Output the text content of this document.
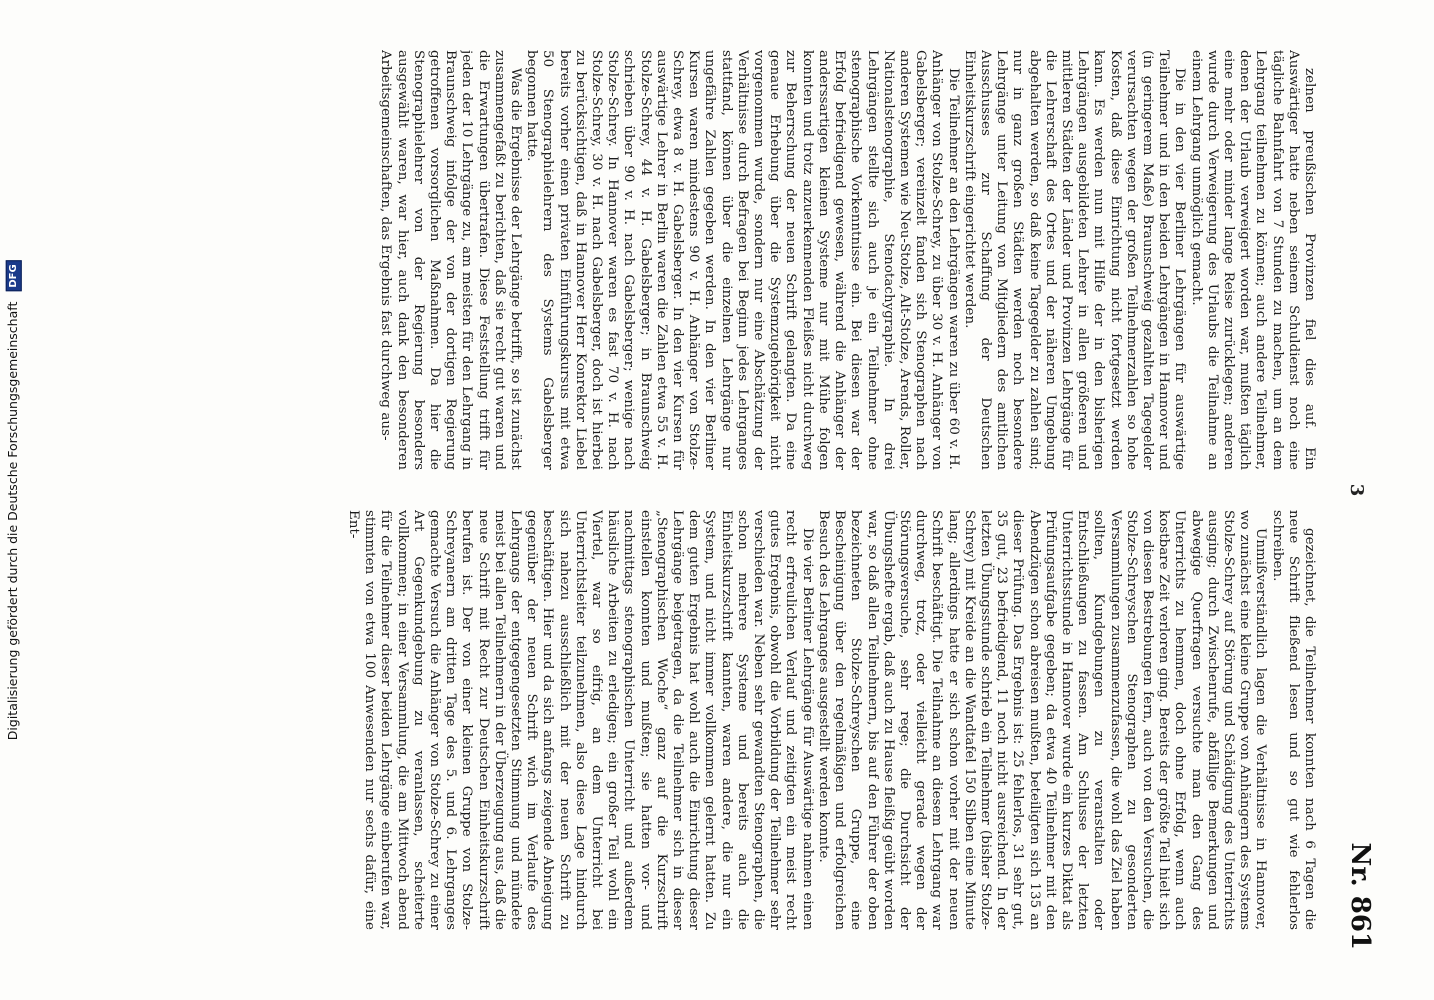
Nr. 861
3

zelnen preußischen Provinzen fiel dies auf. Ein Auswärtiger hatte neben seinem Schuldienst noch eine tägliche Bahnfahrt von 7 Stunden zu machen, um an dem Lehrgang teilnehmen zu können; auch andere Teilnehmer, denen der Urlaub verweigert worden war, mußten täglich eine mehr oder minder lange Reise zurücklegen; anderen wurde durch Verweigerung des Urlaubs die Teilnahme an einem Lehrgang unmöglich gemacht.

Die in den vier Berliner Lehrgängen für auswärtige Teilnehmer und in den beiden Lehrgängen in Hannover und (in geringerem Maße) Braunschweig gezahlten Tagegelder verursachten wegen der großen Teilnehmerzahlen so hohe Kosten, daß diese Einrichtung nicht fortgesetzt werden kann. Es werden nun mit Hilfe der in den bisherigen Lehrgängen ausgebildeten Lehrer in allen größeren und mittleren Städten der Länder und Provinzen Lehrgänge für die Lehrerschaft des Ortes und der näheren Umgebung abgehalten werden, so daß keine Tagegelder zu zahlen sind; nur in ganz großen Städten werden noch besondere Lehrgänge unter Leitung von Mitgliedern des amtlichen Ausschusses zur Schaffung der Deutschen Einheitskurzschrift eingerichtet werden.

Die Teilnehmer an den Lehrgängen waren zu über 60 v. H. Anhänger von Stolze-Schrey, zu über 30 v. H. Anhänger von Gabelsberger; vereinzelt fanden sich Stenographen nach anderen Systemen wie Neu-Stolze, Alt-Stolze, Arends, Roller, Nationalstenographie, Stenotachygraphie. In drei Lehrgängen stellte sich auch je ein Teilnehmer ohne stenographische Vorkenntnisse ein. Bei diesen war der Erfolg befriedigend gewesen, während die Anhänger der anderssartigen kleinen Systeme nur mit Mühe folgen konnten und trotz anzuerkennenden Fleißes nicht durchweg zur Beherrschung der neuen Schrift gelangten. Da eine genaue Erhebung über die Systemzugehörigkeit nicht vorgenommen wurde, sondern nur eine Abschätzung der Verhältnisse durch Befragen bei Beginn jedes Lehrganges stattfand, können über die einzelnen Lehrgänge nur ungefähre Zahlen gegeben werden. In den vier Berliner Kursen waren mindestens 90 v. H. Anhänger von Stolze-Schrey, etwa 8 v. H. Gabelsberger. In den vier Kursen für auswärtige Lehrer in Berlin waren die Zahlen etwa 55 v. H. Stolze-Schrey, 44 v. H. Gabelsberger; in Braunschweig schrieben über 90 v. H. nach Gabelsberger; wenige nach Stolze-Schrey. In Hannover waren es fast 70 v. H. nach Stolze-Schrey, 30 v. H. nach Gabelsberger, doch ist hierbei zu berücksichtigen, daß in Hannover Herr Konrektor Liebel bereits vorher einen privaten Einführungskursus mit etwa 50 Stenographielehrern des Systems Gabelsberger begonnen hatte.

Was die Ergebnisse der Lehrgänge betrifft, so ist zunächst zusammengefaßt zu berichten, daß sie recht gut waren und die Erwartungen übertrafen. Diese Feststellung trifft für jeden der 10 Lehrgänge zu, am meisten für den Lehrgang in Braunschweig infolge der von der dortigen Regierung getroffenen vorsorglichen Maßnahmen. Da hier die Stenographielehrer von der Regierung besonders ausgewählt waren, war hier, auch dank den besonderen Arbeitsgemeinschaften, das Ergebnis fast durchweg aus-

gezeichnet, die Teilnehmer konnten nach 6 Tagen die neue Schrift fließend lesen und so gut wie fehlerlos schreiben.

Unmißverständlich lagen die Verhältnisse in Hannover, wo zunächst eine kleine Gruppe von Anhängern des Systems Stolze-Schrey auf Störung und Schädigung des Unterrichts ausging; durch Zwischenrufe, abfällige Bemerkungen und abwegige Querfragen versuchte man den Gang des Unterrichts zu hemmen, doch ohne Erfolg, wenn auch kostbare Zeit verloren ging. Bereits der größte Teil hielt sich von diesen Bestrebungen fern, auch von den Versuchen, die Stolze-Schreyschen Stenographen zu gesonderten Versammlungen zusammenzufassen, die wohl das Ziel haben sollten, Kundgebungen zu veranstalten oder Entschließungen zu fassen. Am Schlusse der letzten Unterrichtsstunde in Hannover wurde ein kurzes Diktat als Prüfungsaufgabe gegeben; da etwa 40 Teilnehmer mit den Abendzügen schon abreisen mußten, beteiligten sich 135 an dieser Prüfung. Das Ergebnis ist: 25 fehlerlos, 31 sehr gut, 35 gut, 23 befriedigend, 11 noch nicht ausreichend. In der letzten Übungsstunde schrieb ein Teilnehmer (bisher Stolze-Schrey) mit Kreide an die Wandtafel 150 Silben eine Minute lang; allerdings hatte er sich schon vorher mit der neuen Schrift beschäftigt. Die Teilnahme an diesem Lehrgang war durchweg, trotz, oder vielleicht gerade wegen der Störungsversuche, sehr rege; die Durchsicht der Übungshefte ergab, daß auch zu Hause fleißig geübt worden war, so daß allen Teilnehmern, bis auf den Führer der oben bezeichneten Stolze-Schreyschen Gruppe, eine Bescheinigung über den regelmäßigen und erfolgreichen Besuch des Lehrganges ausgestellt werden konnte.

Die vier Berliner Lehrgänge für Auswärtige nahmen einen recht erfreulichen Verlauf und zeitigten ein meist recht gutes Ergebnis, obwohl die Vorbildung der Teilnehmer sehr verschieden war. Neben sehr gewandten Stenographen, die schon mehrere Systeme und bereits auch die Einheitskurzschrift kannten, waren andere, die nur ein System, und nicht immer vollkommen gelernt hatten. Zu dem guten Ergebnis hat wohl auch die Einrichtung dieser Lehrgänge beigetragen, da die Teilnehmer sich in dieser „Stenographischen Woche“ ganz auf die Kurzschrift einstellen konnten und mußten; sie hatten vor- und nachmittags stenographischen Unterricht und außerdem häusliche Arbeiten zu erledigen; ein großer Teil wohl ein Viertel, war so eifrig, an dem Unterricht bei Unterrichtsleiter teilzunehmen, also diese Lage hindurch sich nahezu ausschließlich mit der neuen Schrift zu beschäftigen. Hier und da sich anfangs zeigende Abneigung gegenüber der neuen Schrift wich im Verlaufe des Lehrgangs der entgegengesetzten Stimmung und mündete meist bei allen Teilnehmern in der Überzeugung aus, daß die neue Schrift mit Recht zur Deutschen Einheitskurzschrift berufen ist. Der von einer kleinen Gruppe von Stolze-Schreyanern am dritten Tage des 5. und 6. Lehrganges gemachte Versuch die Anhänger von Stolze-Schrey zu einer Art Gegenkundgebung zu veranlassen, scheiterte vollkommen; in einer Versammlung, die am Mittwoch abend für die Teilnehmer dieser beiden Lehrgänge einberufen war, stimmten von etwa 100 Anwesenden nur sechs dafür, eine Ent-

Digitalisierung gefördert durch die Deutsche Forschungsgemeinschaft DFG
